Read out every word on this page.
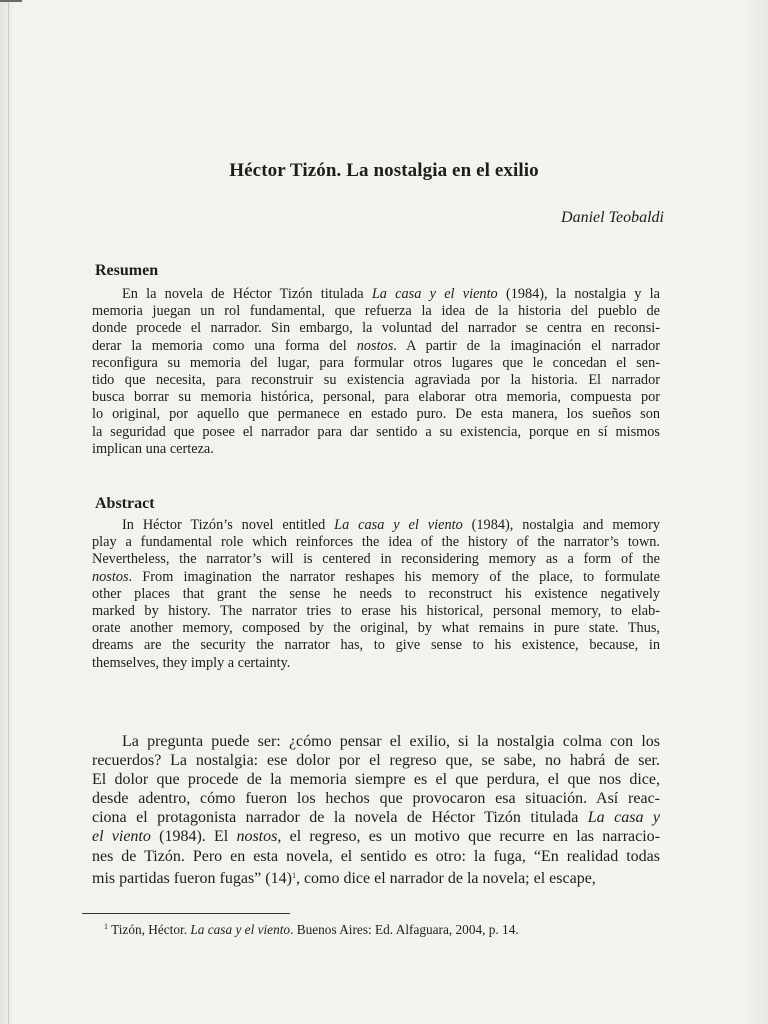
Héctor Tizón. La nostalgia en el exilio
Daniel Teobaldi
Resumen
En la novela de Héctor Tizón titulada La casa y el viento (1984), la nostalgia y la
memoria juegan un rol fundamental, que refuerza la idea de la historia del pueblo de
donde procede el narrador. Sin embargo, la voluntad del narrador se centra en reconsi-
derar la memoria como una forma del nostos. A partir de la imaginación el narrador
reconfigura su memoria del lugar, para formular otros lugares que le concedan el sen-
tido que necesita, para reconstruir su existencia agraviada por la historia. El narrador
busca borrar su memoria histórica, personal, para elaborar otra memoria, compuesta por
lo original, por aquello que permanece en estado puro. De esta manera, los sueños son
la seguridad que posee el narrador para dar sentido a su existencia, porque en sí mismos
implican una certeza.
Abstract
In Héctor Tizón’s novel entitled La casa y el viento (1984), nostalgia and memory
play a fundamental role which reinforces the idea of the history of the narrator’s town.
Nevertheless, the narrator’s will is centered in reconsidering memory as a form of the
nostos. From imagination the narrator reshapes his memory of the place, to formulate
other places that grant the sense he needs to reconstruct his existence negatively
marked by history. The narrator tries to erase his historical, personal memory, to elab-
orate another memory, composed by the original, by what remains in pure state. Thus,
dreams are the security the narrator has, to give sense to his existence, because, in
themselves, they imply a certainty.
La pregunta puede ser: ¿cómo pensar el exilio, si la nostalgia colma con los
recuerdos? La nostalgia: ese dolor por el regreso que, se sabe, no habrá de ser.
El dolor que procede de la memoria siempre es el que perdura, el que nos dice,
desde adentro, cómo fueron los hechos que provocaron esa situación. Así reac-
ciona el protagonista narrador de la novela de Héctor Tizón titulada La casa y
el viento (1984). El nostos, el regreso, es un motivo que recurre en las narracio-
nes de Tizón. Pero en esta novela, el sentido es otro: la fuga, “En realidad todas
mis partidas fueron fugas” $(14)^1$, como dice el narrador de la novela; el escape,
$^1$ Tizón, Héctor. La casa y el viento. Buenos Aires: Ed. Alfaguara, 2004, p. 14.
